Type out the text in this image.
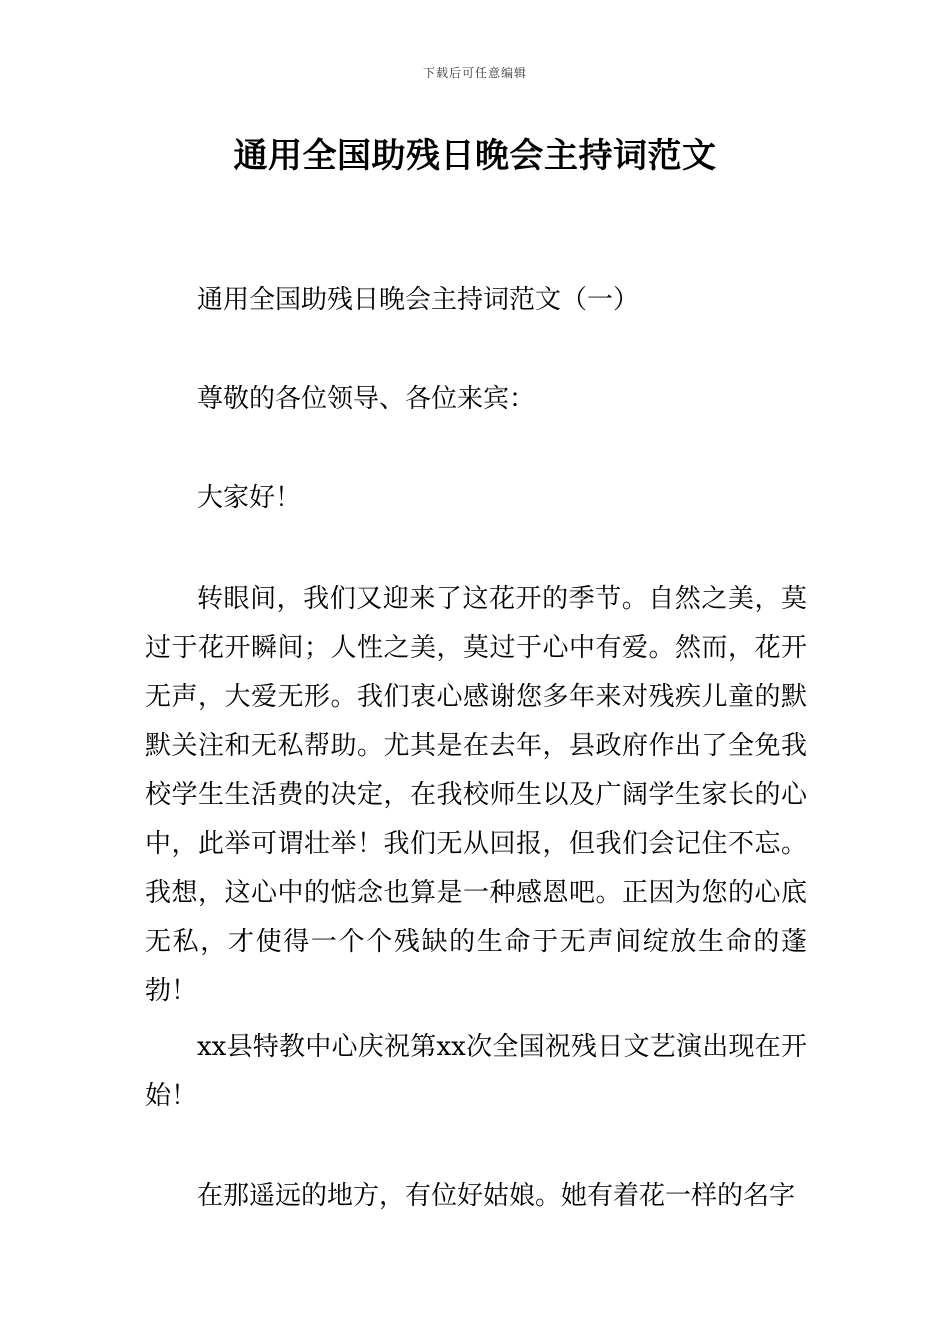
下载后可任意编辑
通用全国助残日晚会主持词范文

通用全国助残日晚会主持词范文（一）

尊敬的各位领导、各位来宾：

大家好！

转眼间，我们又迎来了这花开的季节。自然之美，莫过于花开瞬间；人性之美，莫过于心中有爱。然而，花开无声，大爱无形。我们衷心感谢您多年来对残疾儿童的默默关注和无私帮助。尤其是在去年，县政府作出了全免我校学生生活费的决定，在我校师生以及广阔学生家长的心中，此举可谓壮举！我们无从回报，但我们会记住不忘。我想，这心中的惦念也算是一种感恩吧。正因为您的心底无私，才使得一个个残缺的生命于无声间绽放生命的蓬勃！

xx县特教中心庆祝第xx次全国祝残日文艺演出现在开始！

在那遥远的地方，有位好姑娘。她有着花一样的名字
